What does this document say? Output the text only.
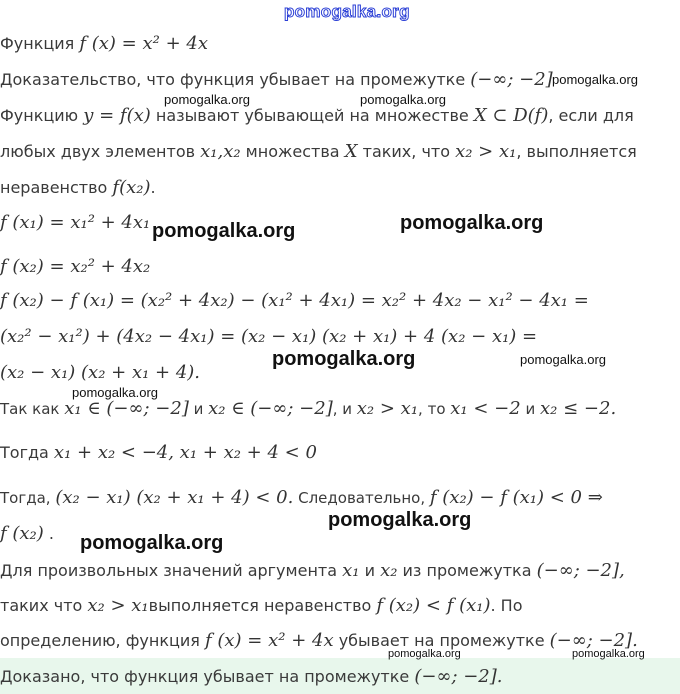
pomogalka.org
Функция f (x) = x² + 4x
Доказательство, что функция убывает на промежутке (−∞; −2]
Функцию y = f(x) называют убывающей на множестве X ⊂ D(f), если для
любых двух элементов x₁,x₂ множества X таких, что x₂ > x₁, выполняется
неравенство f(x₂).
f (x₁) = x₁² + 4x₁
f (x₂) = x₂² + 4x₂
f (x₂) − f (x₁) = (x₂² + 4x₂) − (x₁² + 4x₁) = x₂² + 4x₂ − x₁² − 4x₁ =
(x₂² − x₁²) + (4x₂ − 4x₁) = (x₂ − x₁) (x₂ + x₁) + 4 (x₂ − x₁) =
(x₂ − x₁) (x₂ + x₁ + 4).
Так как x₁ ∈ (−∞; −2] и x₂ ∈ (−∞; −2], и x₂ > x₁, то x₁ < −2 и x₂ ≤ −2.
Тогда x₁ + x₂ < −4, x₁ + x₂ + 4 < 0
Тогда, (x₂ − x₁) (x₂ + x₁ + 4) < 0. Следовательно, f (x₂) − f (x₁) < 0 ⇒
f (x₂) .
Для произвольных значений аргумента x₁ и x₂ из промежутка (−∞; −2],
таких что x₂ > x₁выполняется неравенство f (x₂) < f (x₁). По
определению, функция f (x) = x² + 4x убывает на промежутке (−∞; −2].
Доказано, что функция убывает на промежутке (−∞; −2].
pomogalka.org
pomogalka.org	pomogalka.org
pomogalka.org	pomogalka.org
pomogalka.org	pomogalka.org
pomogalka.org
pomogalka.org
pomogalka.org
pomogalka.org	pomogalka.org
